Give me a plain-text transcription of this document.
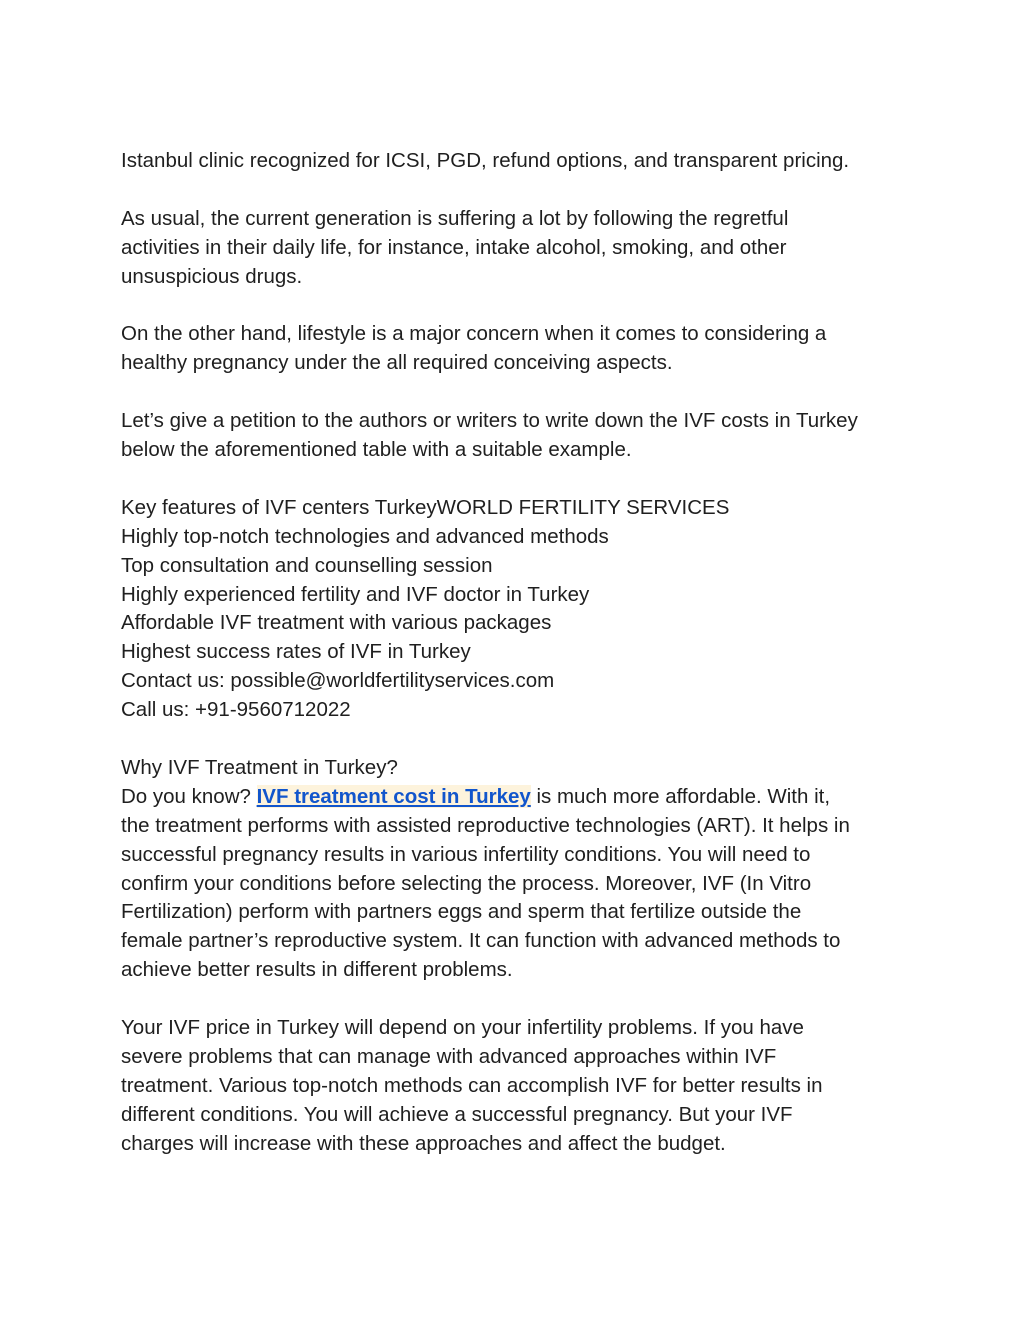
Istanbul clinic recognized for ICSI, PGD, refund options, and transparent pricing.
As usual, the current generation is suffering a lot by following the regretful
activities in their daily life, for instance, intake alcohol, smoking, and other
unsuspicious drugs.
On the other hand, lifestyle is a major concern when it comes to considering a
healthy pregnancy under the all required conceiving aspects.
Let’s give a petition to the authors or writers to write down the IVF costs in Turkey
below the aforementioned table with a suitable example.
Key features of IVF centers TurkeyWORLD FERTILITY SERVICES
Highly top-notch technologies and advanced methods
Top consultation and counselling session
Highly experienced fertility and IVF doctor in Turkey
Affordable IVF treatment with various packages
Highest success rates of IVF in Turkey
Contact us: possible@worldfertilityservices.com
Call us: +91-9560712022
Why IVF Treatment in Turkey?
Do you know? IVF treatment cost in Turkey is much more affordable. With it,
the treatment performs with assisted reproductive technologies (ART). It helps in
successful pregnancy results in various infertility conditions. You will need to
confirm your conditions before selecting the process. Moreover, IVF (In Vitro
Fertilization) perform with partners eggs and sperm that fertilize outside the
female partner’s reproductive system. It can function with advanced methods to
achieve better results in different problems.
Your IVF price in Turkey will depend on your infertility problems. If you have
severe problems that can manage with advanced approaches within IVF
treatment. Various top-notch methods can accomplish IVF for better results in
different conditions. You will achieve a successful pregnancy. But your IVF
charges will increase with these approaches and affect the budget.
